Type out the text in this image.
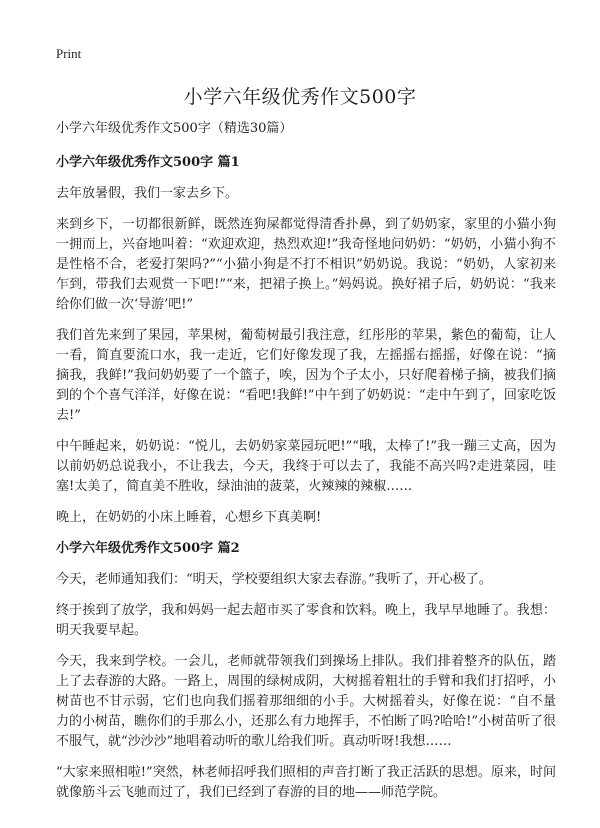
Print
小学六年级优秀作文500字

小学六年级优秀作文500字（精选30篇）

小学六年级优秀作文500字 篇1

去年放暑假，我们一家去乡下。

来到乡下，一切都很新鲜，既然连狗屎都觉得清香扑鼻，到了奶奶家，家里的小猫小狗一拥而上，兴奋地叫着：“欢迎欢迎，热烈欢迎!”我奇怪地问奶奶：“奶奶，小猫小狗不是性格不合，老爱打架吗?”“小猫小狗是不打不相识”奶奶说。我说：“奶奶，人家初来乍到，带我们去观赏一下吧!”“来，把裙子换上。”妈妈说。换好裙子后，奶奶说：“我来给你们做一次‘导游’吧!”

我们首先来到了果园，苹果树，葡萄树最引我注意，红彤彤的苹果，紫色的葡萄，让人一看，简直要流口水，我一走近，它们好像发现了我，左摇摇右摇摇，好像在说：“摘摘我，我鲜!”我问奶奶要了一个篮子，唉，因为个子太小，只好爬着梯子摘，被我们摘到的个个喜气洋洋，好像在说：“看吧!我鲜!”中午到了奶奶说：“走中午到了，回家吃饭去!”

中午睡起来，奶奶说：“悦儿，去奶奶家菜园玩吧!”“哦，太棒了!”我一蹦三丈高，因为以前奶奶总说我小，不让我去，今天，我终于可以去了，我能不高兴吗?走进菜园，哇塞!太美了，简直美不胜收，绿油油的菠菜，火辣辣的辣椒……

晚上，在奶奶的小床上睡着，心想乡下真美啊!

小学六年级优秀作文500字 篇2

今天，老师通知我们：“明天，学校要组织大家去春游。”我听了，开心极了。

终于挨到了放学，我和妈妈一起去超市买了零食和饮料。晚上，我早早地睡了。我想：明天我要早起。

今天，我来到学校。一会儿，老师就带领我们到操场上排队。我们排着整齐的队伍，踏上了去春游的大路。一路上，周围的绿树成阴，大树摇着粗壮的手臂和我们打招呼，小树苗也不甘示弱，它们也向我们摇着那细细的小手。大树摇着头，好像在说：“自不量力的小树苗，瞧你们的手那么小，还那么有力地挥手，不怕断了吗?哈哈!”小树苗听了很不服气，就“沙沙沙”地唱着动听的歌儿给我们听。真动听呀!我想……

“大家来照相啦!”突然，林老师招呼我们照相的声音打断了我正活跃的思想。原来，时间就像筋斗云飞驰而过了，我们已经到了春游的目的地——师范学院。
